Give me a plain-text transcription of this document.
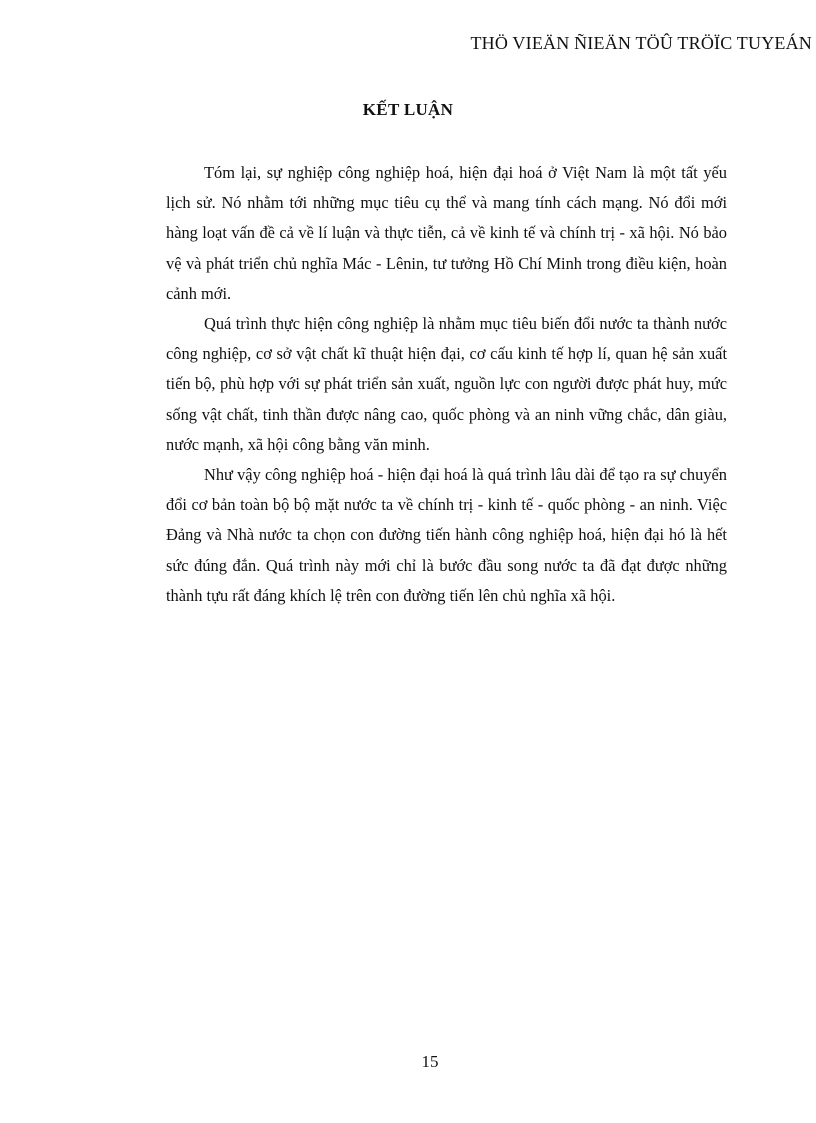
THÖ VIEÄN ÑIEÄN TÖÛ TRÖÏC TUYEÁN
KẾT LUẬN

Tóm lại, sự nghiệp công nghiệp hoá, hiện đại hoá ở Việt Nam là một tất yếu lịch sử. Nó nhằm tới những mục tiêu cụ thể và mang tính cách mạng. Nó đổi mới hàng loạt vấn đề cả về lí luận và thực tiễn, cả về kinh tế và chính trị - xã hội. Nó bảo vệ và phát triển chủ nghĩa Mác - Lênin, tư tưởng Hồ Chí Minh trong điều kiện, hoàn cảnh mới.

Quá trình thực hiện công nghiệp là nhằm mục tiêu biến đổi nước ta thành nước công nghiệp, cơ sở vật chất kĩ thuật hiện đại, cơ cấu kinh tế hợp lí, quan hệ sản xuất tiến bộ, phù hợp với sự phát triển sản xuất, nguồn lực con người được phát huy, mức sống vật chất, tinh thần được nâng cao, quốc phòng và an ninh vững chắc, dân giàu, nước mạnh, xã hội công bằng văn minh.

Như vậy công nghiệp hoá - hiện đại hoá là quá trình lâu dài để tạo ra sự chuyển đổi cơ bản toàn bộ bộ mặt nước ta về chính trị - kinh tế - quốc phòng - an ninh. Việc Đảng và Nhà nước ta chọn con đường tiến hành công nghiệp hoá, hiện đại hó là hết sức đúng đắn. Quá trình này mới chỉ là bước đầu song nước ta đã đạt được những thành tựu rất đáng khích lệ trên con đường tiến lên chủ nghĩa xã hội.

15
